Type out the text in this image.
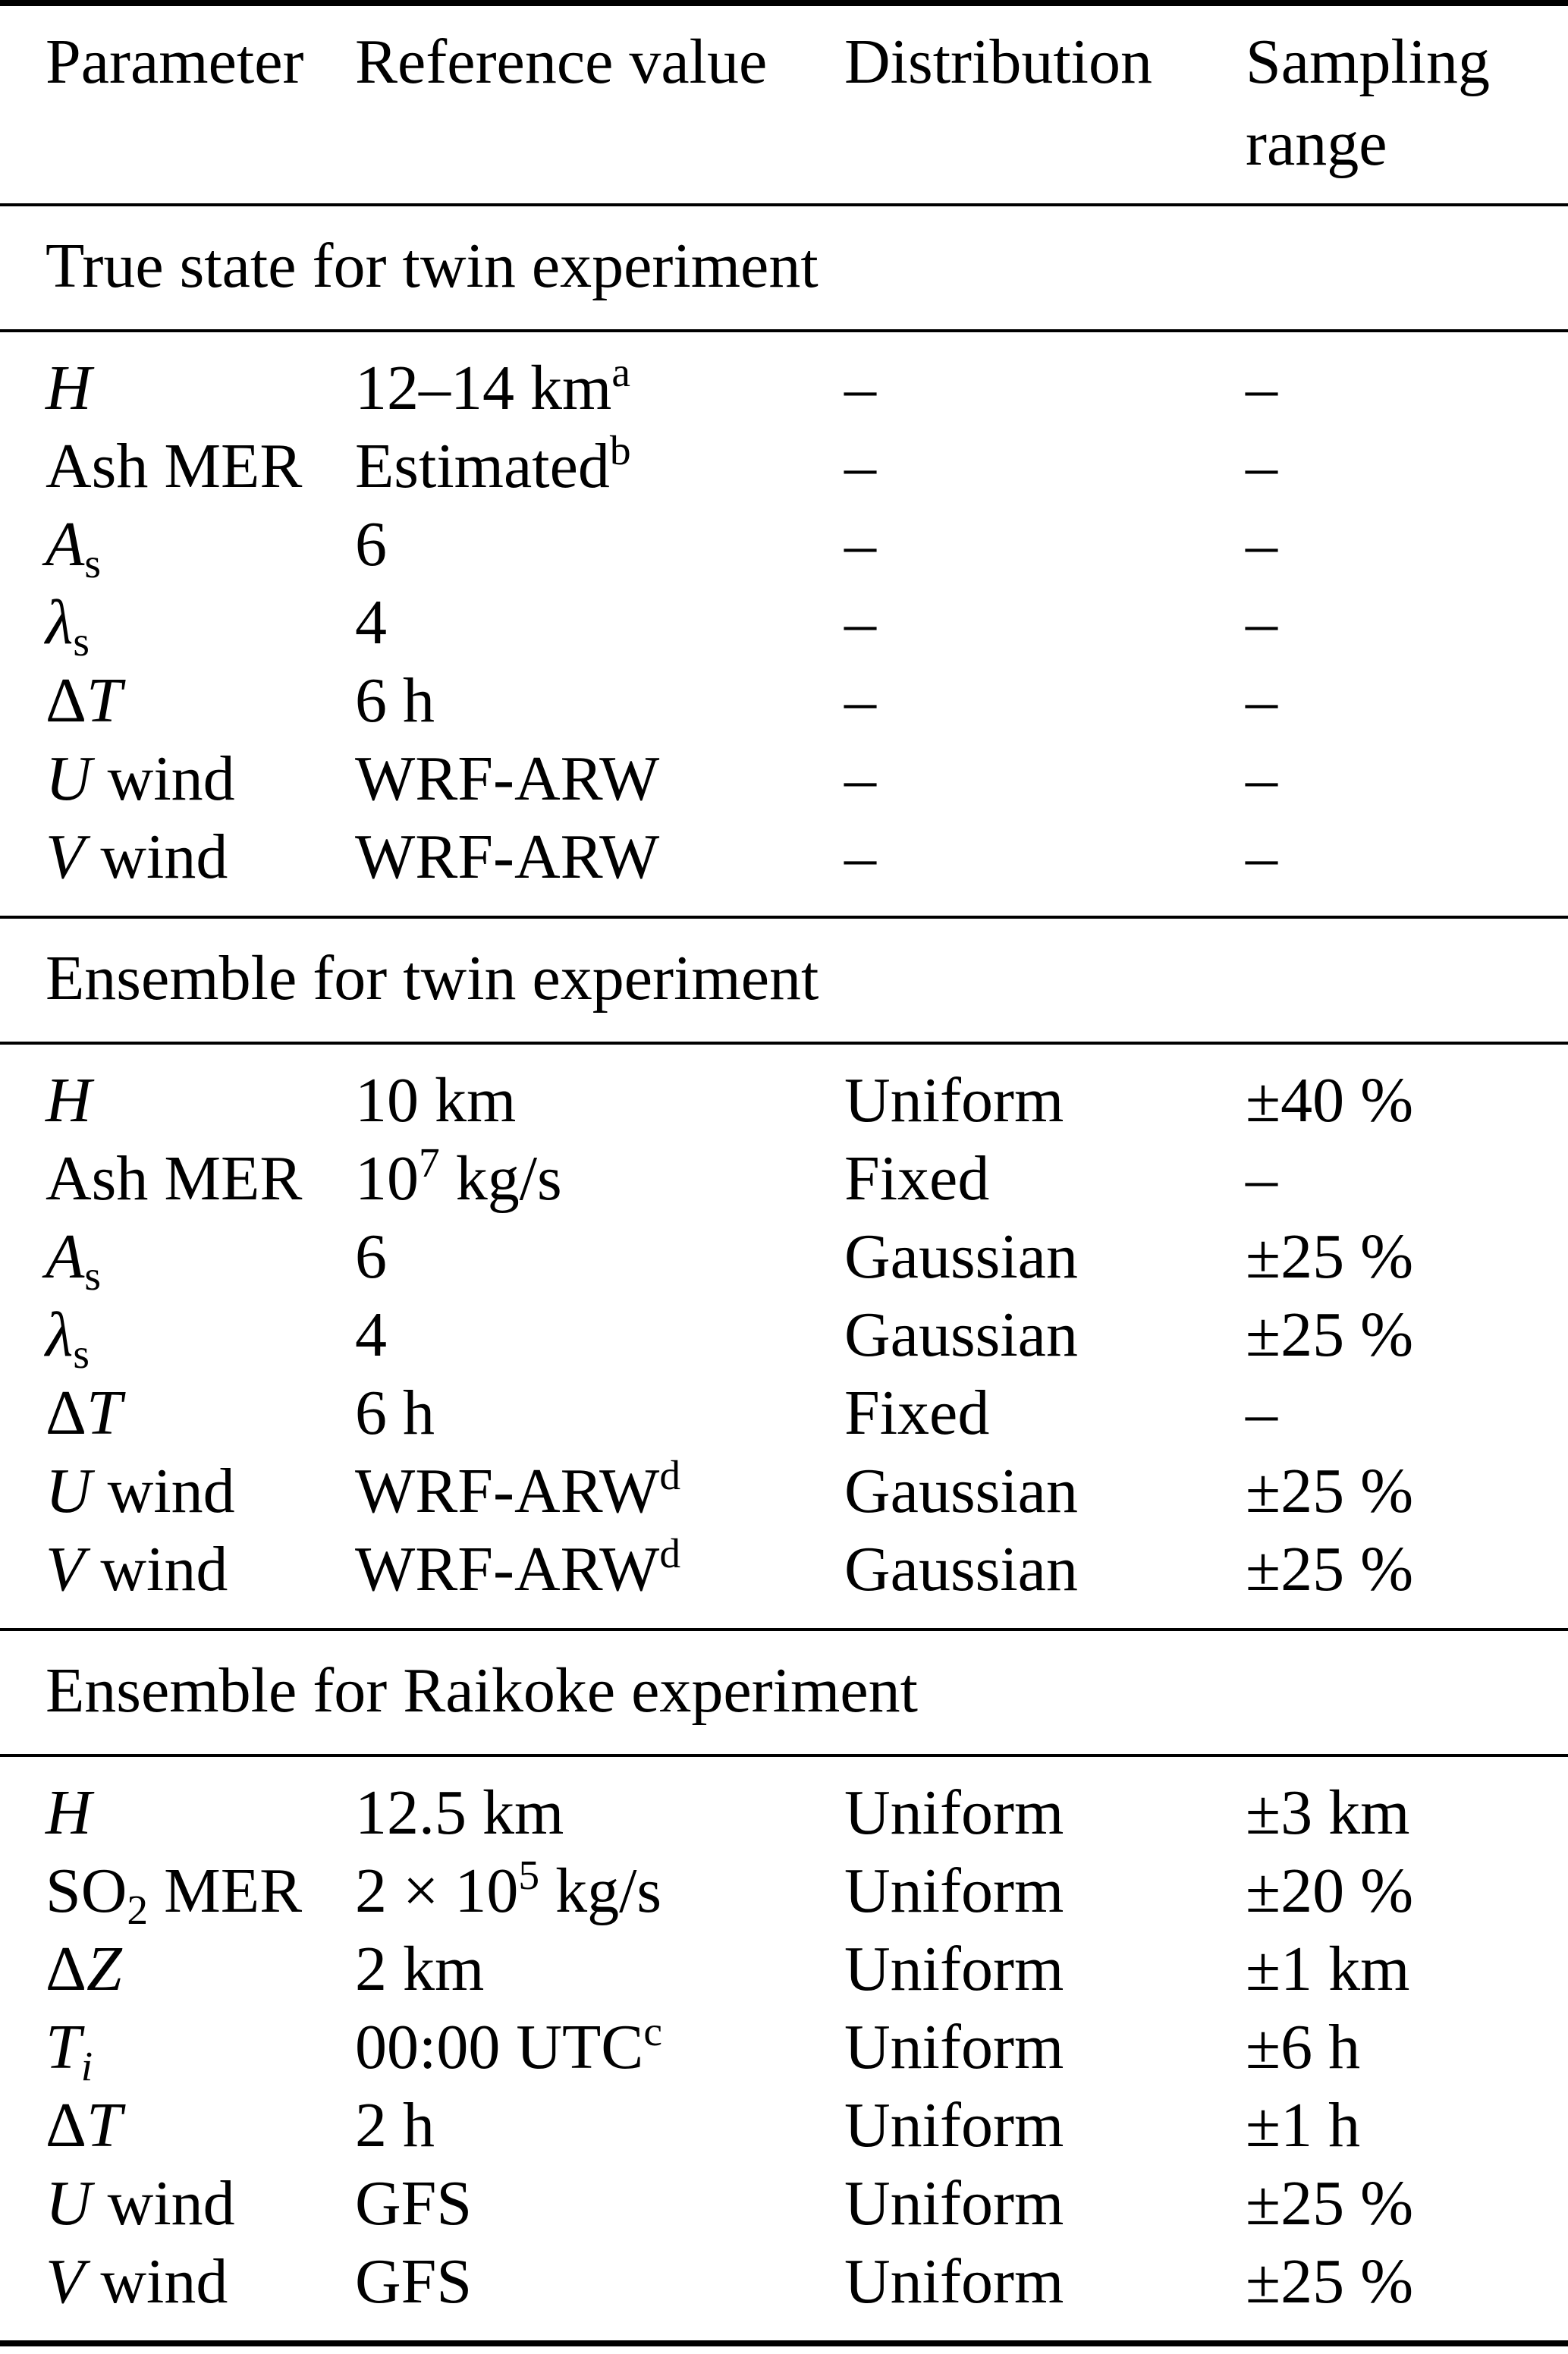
Parameter	Reference value	Distribution	Sampling range
True state for twin experiment			
H	12–14 $km^a$	–	–
Ash MER	Estimated$^b$	–	–
As	6	–	–
λs	4	–	–
ΔT	6 h	–	–
U wind	WRF-ARW	–	–
V wind	WRF-ARW	–	–
Ensemble for twin experiment			
H	10 km	Uniform	±40 %
Ash MER	$10^7$ kg/s	Fixed	–
As	6	Gaussian	±25 %
λs	4	Gaussian	±25 %
ΔT	6 h	Fixed	–
U wind	WRF-ARW$^d$	Gaussian	±25 %
V wind	WRF-ARW$^d$	Gaussian	±25 %
Ensemble for Raikoke experiment			
H	12.5 km	Uniform	±3 km
SO2 MER	$2 \times 10^5$ kg/s	Uniform	±20 %
ΔZ	2 km	Uniform	±1 km
Ti	00:00 UTC$^c$	Uniform	±6 h
ΔT	2 h	Uniform	±1 h
U wind	GFS	Uniform	±25 %
V wind	GFS	Uniform	±25 %
